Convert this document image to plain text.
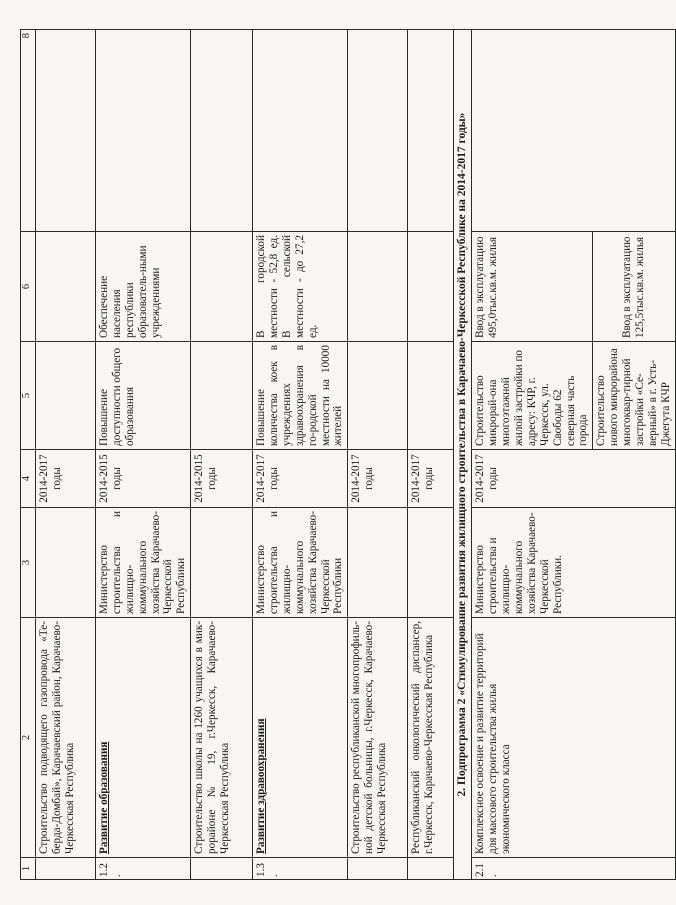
1	2	3	4	5	6	8
	Строительство подводящего газопровода «Те-берда-Домбай», Карачаевский район, Карачаево-Черкесская Республика		2014-2017 годы			
1.2.	Развитие образования	Министерство строительства и жилищно-коммунального хозяйства Карачаево-Черкесской Республики	2014-2015 годы	Повышение доступности общего образования	Обеспечение населения республики образователь-ными учреждениями	
	Строительство школы на 1260 учащихся в мик-рорайоне № 19, г.Черкесск, Карачаево-Черкесская Республика		2014-2015 годы			
1.3.	Развитие здравоохранения	Министерство строительства и жилищно-коммунального хозяйства Карачаево-Черкесской Республики	2014-2017 годы	Повышение количества коек в учреждениях здравоохранения в го-родской местности на 10000 жителей	В городской местности - 52,8 ед. В сельской местности - до 27,2 ед.	
	Строительство республиканской многопрофиль-ной детской больницы, г.Черкесск, Карачаево-Черкесская Республика		2014-2017 годы			
	Республиканский онкологический диспансер, г.Черкесск, Карачаево-Черкесская Республика		2014-2017 годы			
2. Подпрограмма 2 «Стимулирование развития жилищного строительства в Карачаево-Черкесской Республике на 2014-2017 годы»						
2.1.	Комплексное освоение и развитие территорий для массового строительства жилья экономического класса	Министерство строительства и жилищно-коммунального хозяйства Карачаево-Черкесской Республики.	2014-2017 годы	Строительство микрорай-она многоэтажной жилой застройки по адресу: КЧР, г. Черкесск, ул. Свободы 62 северная часть города	Ввод в эксплуатацию 495,0тыс.кв.м. жилья	
				Строительство нового микрорайона многоквар-тирной застройки «Се-верный» в г. Усть-Джегута КЧР	Ввод в эксплуатацию 125,5тыс.кв.м. жилья	
